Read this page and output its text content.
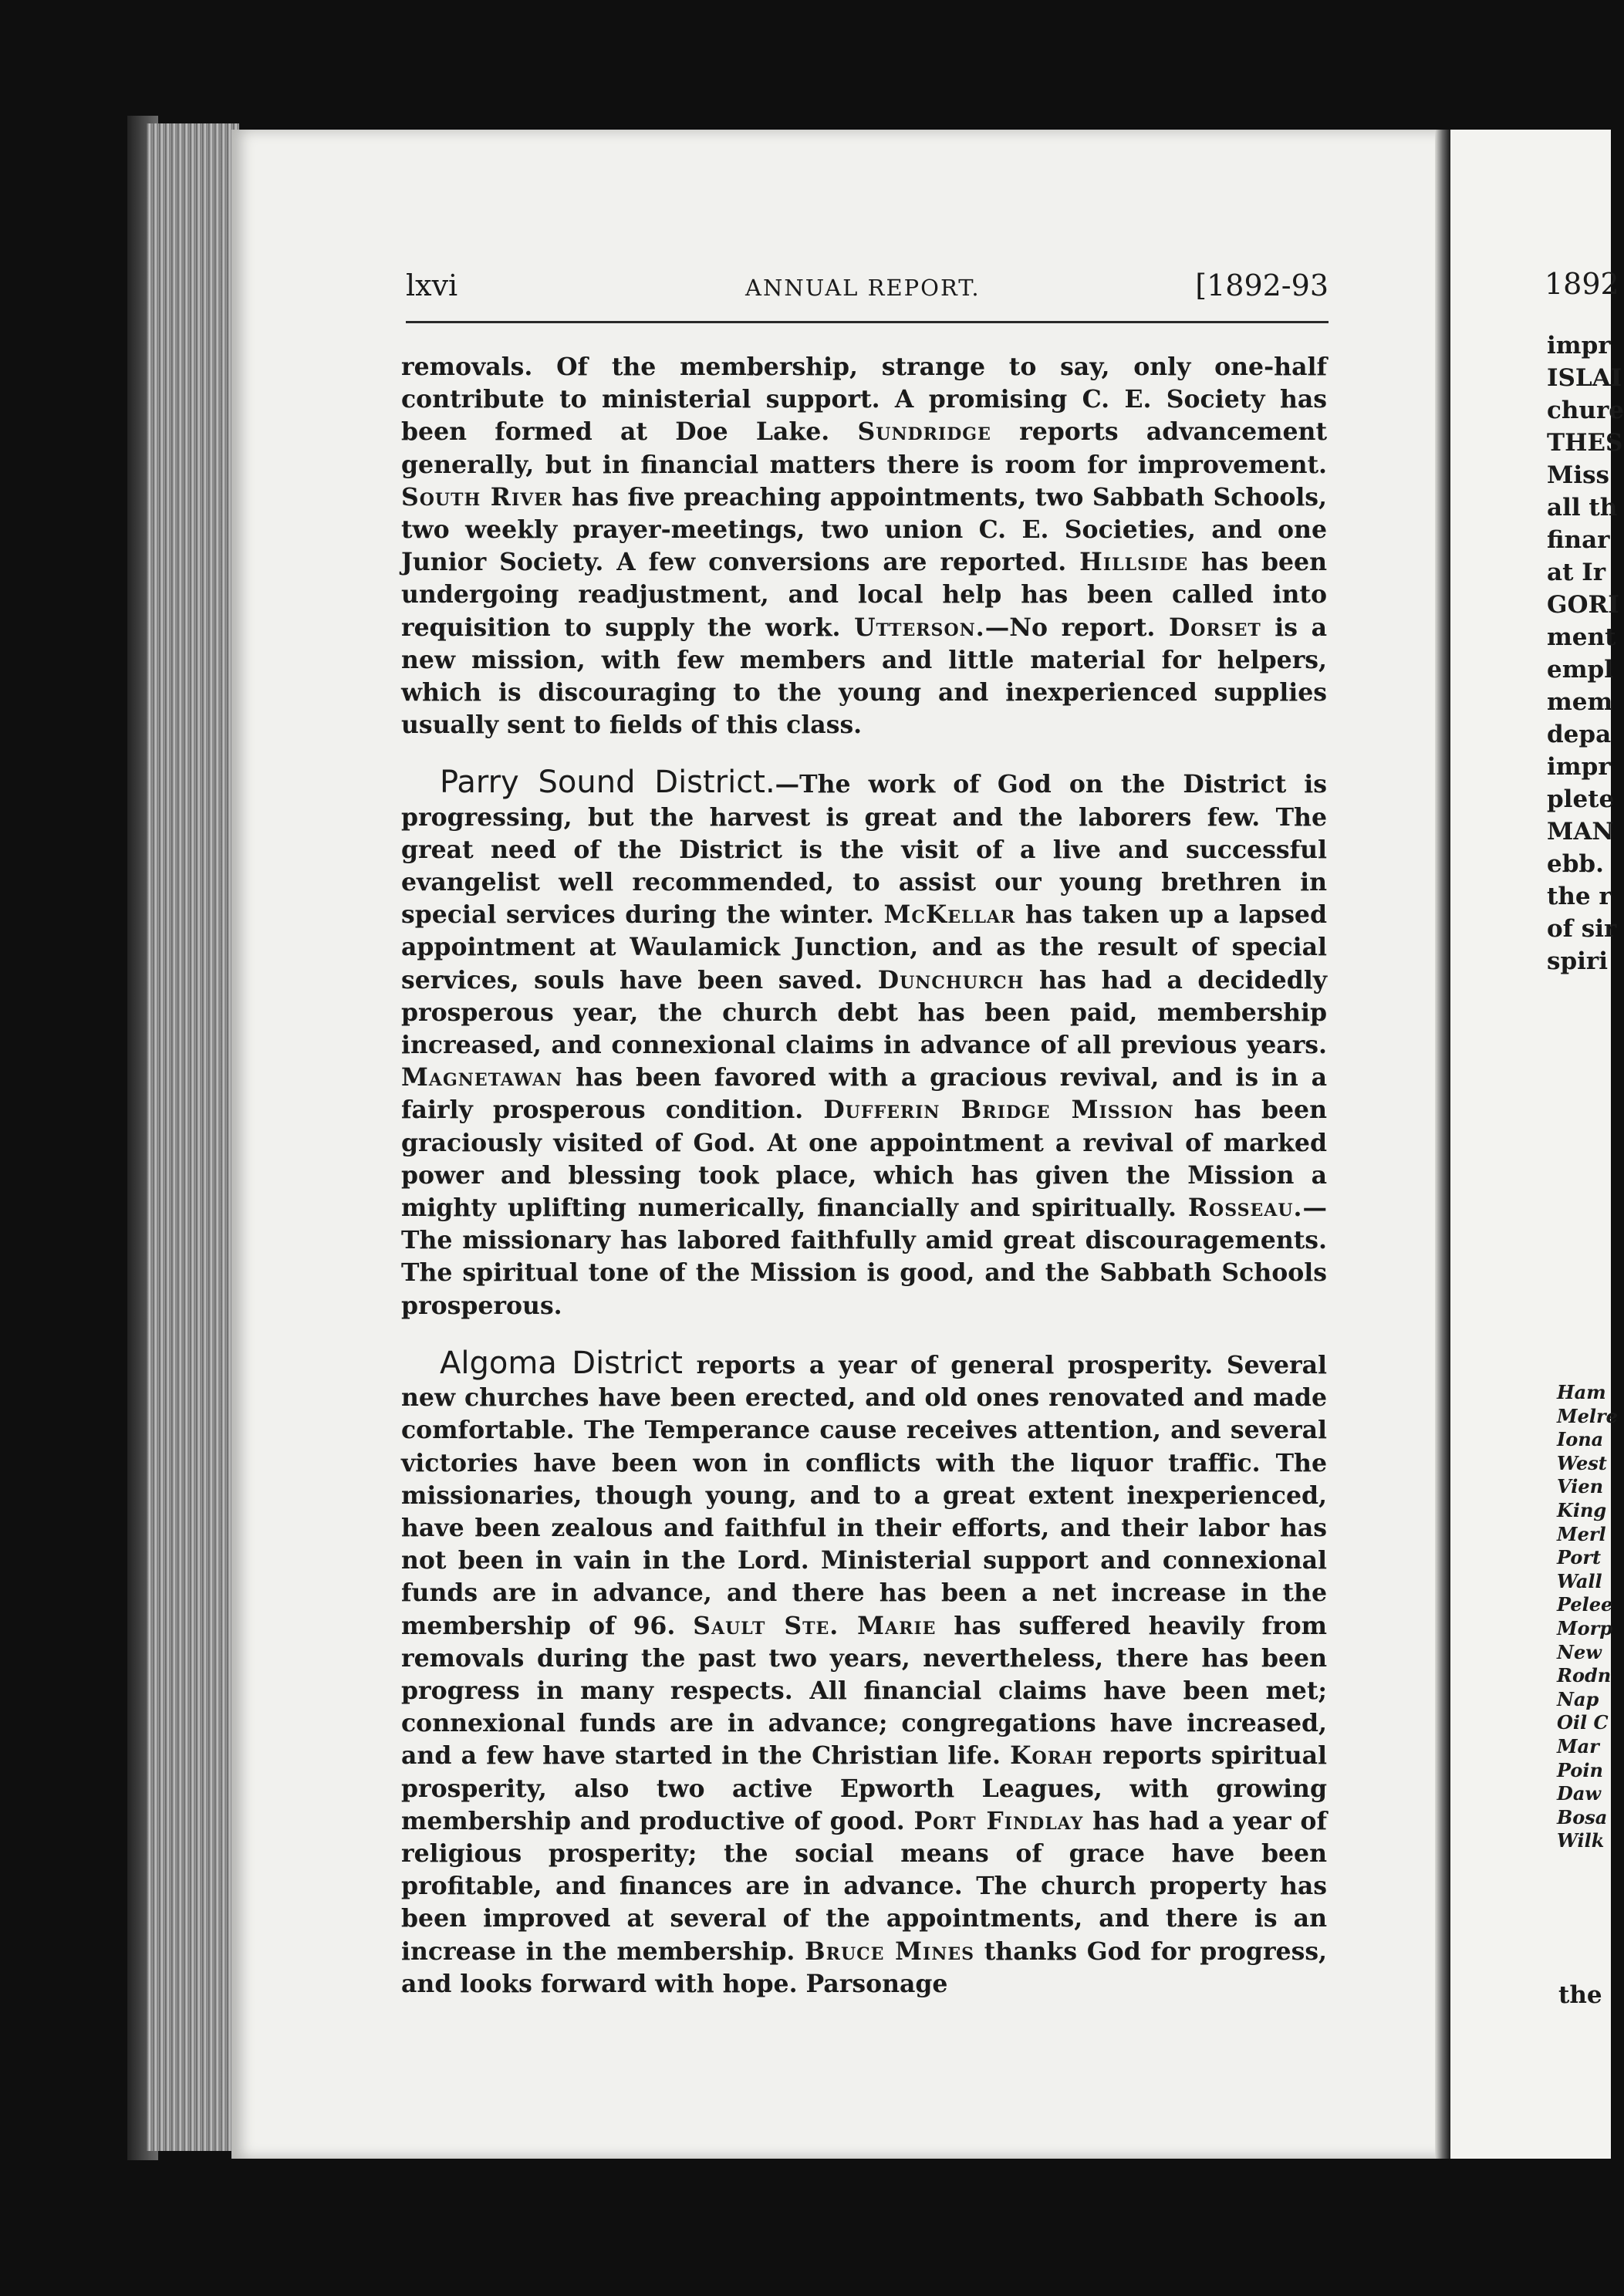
1892
impr
ISLAI
chure
THES
Miss
all th
finar
at Ir
GORI
ment
empl
mem
depa
impr
plete
MAN
ebb.
the r
of sir
spiri
Ham
Melre
Iona
West
Vien
King
Merl
Port
Wall
Pelee
Morp
New
Rodn
Nap
Oil C
Mar
Poin
Daw
Bosa
Wilk
the
lxvi	ANNUAL REPORT.	[1892-93

removals. Of the membership, strange to say, only one-half contribute to ministerial support. A promising C. E. Society has been formed at Doe Lake. Sundridge reports advancement generally, but in financial matters there is room for improvement. South River has five preaching appointments, two Sabbath Schools, two weekly prayer-meetings, two union C. E. Societies, and one Junior Society. A few conversions are reported. Hillside has been undergoing readjustment, and local help has been called into requisition to supply the work. Utterson.—No report. Dorset is a new mission, with few members and little material for helpers, which is discouraging to the young and inexperienced supplies usually sent to fields of this class.

Parry Sound District.—The work of God on the District is progressing, but the harvest is great and the laborers few. The great need of the District is the visit of a live and successful evangelist well recommended, to assist our young brethren in special services during the winter. McKellar has taken up a lapsed appointment at Waulamick Junction, and as the result of special services, souls have been saved. Dunchurch has had a decidedly prosperous year, the church debt has been paid, membership increased, and connexional claims in advance of all previous years. Magnetawan has been favored with a gracious revival, and is in a fairly prosperous condition. Dufferin Bridge Mission has been graciously visited of God. At one appointment a revival of marked power and blessing took place, which has given the Mission a mighty uplifting numerically, financially and spiritually. Rosseau.—The missionary has labored faithfully amid great discouragements. The spiritual tone of the Mission is good, and the Sabbath Schools prosperous.

Algoma District reports a year of general prosperity. Several new churches have been erected, and old ones renovated and made comfortable. The Temperance cause receives attention, and several victories have been won in conflicts with the liquor traffic. The missionaries, though young, and to a great extent inexperienced, have been zealous and faithful in their efforts, and their labor has not been in vain in the Lord. Ministerial support and connexional funds are in advance, and there has been a net increase in the membership of 96. Sault Ste. Marie has suffered heavily from removals during the past two years, nevertheless, there has been progress in many respects. All financial claims have been met; connexional funds are in advance; congregations have increased, and a few have started in the Christian life. Korah reports spiritual prosperity, also two active Epworth Leagues, with growing membership and productive of good. Port Findlay has had a year of religious prosperity; the social means of grace have been profitable, and finances are in advance. The church property has been improved at several of the appointments, and there is an increase in the membership. Bruce Mines thanks God for progress, and looks forward with hope. Parsonage
